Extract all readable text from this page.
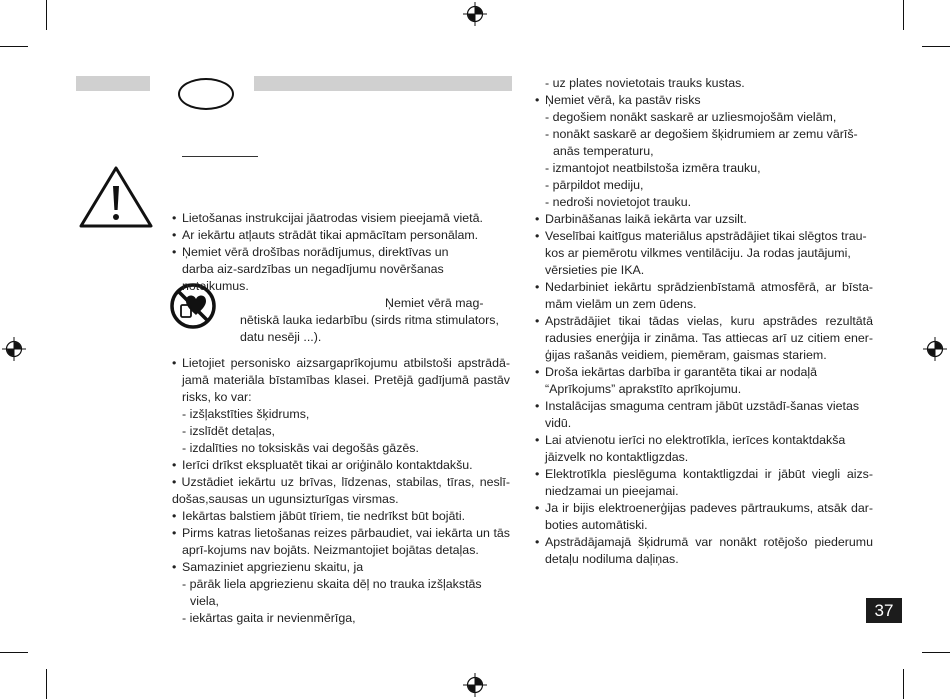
• Lietošanas instrukcijai jāatrodas visiem pieejamā vietā.

• Ar iekārtu atļauts strādāt tikai apmācītam personālam.

• Ņemiet vērā drošības norādījumus, direktīvas un darba aiz-sardzības un negadījumu novēršanas noteikumus.

Ņemiet vērā mag-

nētiskā lauka iedarbību (sirds ritma stimulators,

datu nesēji ...).

• Lietojiet personisko aizsargaprīkojumu atbilstoši apstrādā-jamā materiāla bīstamības klasei. Pretējā gadījumā pastāv risks, ko var:

- izšļakstīties šķidrums,

- izslīdēt detaļas,

- izdalīties no toksiskās vai degošās gāzēs.

• Ierīci drīkst ekspluatēt tikai ar oriģinālo kontaktdakšu.

• Uzstādiet iekārtu uz brīvas, līdzenas, stabilas, tīras, neslī-došas,sausas un ugunsizturīgas virsmas.

• Iekārtas balstiem jābūt tīriem, tie nedrīkst būt bojāti.

• Pirms katras lietošanas reizes pārbaudiet, vai iekārta un tās aprī-kojums nav bojāts. Neizmantojiet bojātas detaļas.

• Samaziniet apgriezienu skaitu, ja

- pārāk liela apgriezienu skaita dēļ no trauka izšļakstās viela,

- iekārtas gaita ir nevienmērīga,

- uz plates novietotais trauks kustas.

• Ņemiet vērā, ka pastāv risks

- degošiem nonākt saskarē ar uzliesmojošām vielām,

- nonākt saskarē ar degošiem šķidrumiem ar zemu vārīš-anās temperaturu,

- izmantojot neatbilstoša izmēra trauku,

- pārpildot mediju,

- nedroši novietojot trauku.

• Darbināšanas laikā iekārta var uzsilt.

• Veselībai kaitīgus materiālus apstrādājiet tikai slēgtos trau-kos ar piemērotu vilkmes ventilāciju. Ja rodas jautājumi, vērsieties pie IKA.

• Nedarbiniet iekārtu sprādzienbīstamā atmosfērā, ar bīsta-mām vielām un zem ūdens.

• Apstrādājiet tikai tādas vielas, kuru apstrādes rezultātā radusies enerģija ir zināma. Tas attiecas arī uz citiem ener-ģijas rašanās veidiem, piemēram, gaismas stariem.

• Droša iekārtas darbība ir garantēta tikai ar nodaļā “Aprīkojums” aprakstīto aprīkojumu.

• Instalācijas smaguma centram jābūt uzstādī-šanas vietas vidū.

• Lai atvienotu ierīci no elektrotīkla, ierīces kontaktdakša jāizvelk no kontaktligzdas.

• Elektrotīkla pieslēguma kontaktligzdai ir jābūt viegli aizs-niedzamai un pieejamai.

• Ja ir bijis elektroenerģijas padeves pārtraukums, atsāk dar-boties automātiski.

• Apstrādājamajā šķidrumā var nonākt rotējošo piederumu detaļu nodiluma daļiņas.

37
